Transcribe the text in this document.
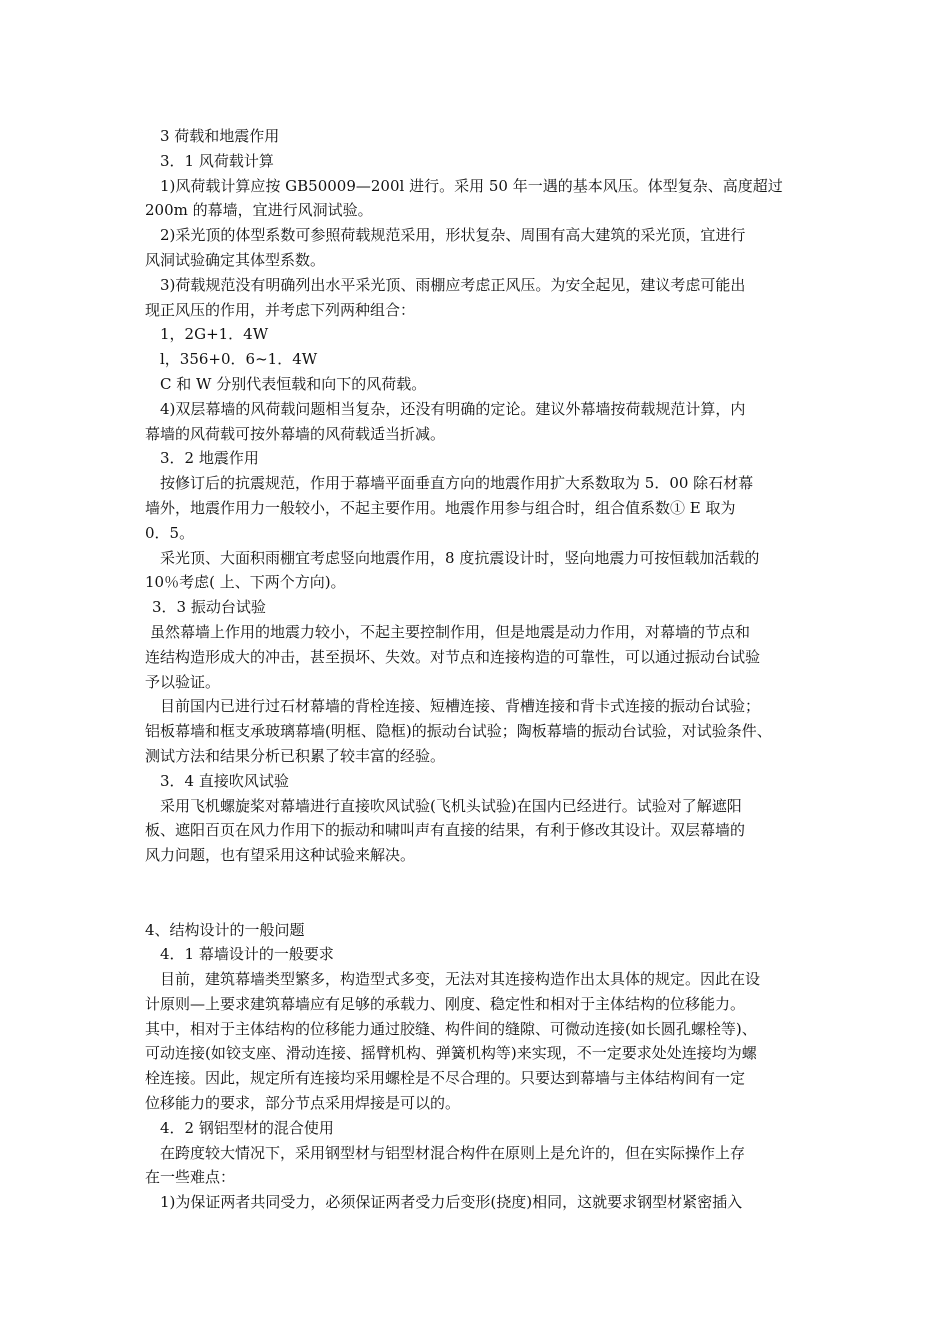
3 荷载和地震作用

3．1 风荷载计算

1)风荷载计算应按 GB50009—200l 进行。采用 50 年一遇的基本风压。体型复杂、高度超过

200m 的幕墙，宜进行风洞试验。

2)采光顶的体型系数可参照荷载规范采用，形状复杂、周围有高大建筑的采光顶，宜进行

风洞试验确定其体型系数。

3)荷载规范没有明确列出水平采光顶、雨棚应考虑正风压。为安全起见，建议考虑可能出

现正风压的作用，并考虑下列两种组合：

1，2G+1．4W

l，356+0．6~1．4W

C 和 W 分别代表恒载和向下的风荷载。

4)双层幕墙的风荷载问题相当复杂，还没有明确的定论。建议外幕墙按荷载规范计算，内

幕墙的风荷载可按外幕墙的风荷载适当折减。

3．2 地震作用

按修订后的抗震规范，作用于幕墙平面垂直方向的地震作用扩大系数取为 5．00 除石材幕

墙外，地震作用力一般较小，不起主要作用。地震作用参与组合时，组合值系数① E 取为

0．5。

采光顶、大面积雨棚宜考虑竖向地震作用，8 度抗震设计时，竖向地震力可按恒载加活载的

10％考虑( 上、下两个方向)。

3．3 振动台试验

虽然幕墙上作用的地震力较小，不起主要控制作用，但是地震是动力作用，对幕墙的节点和

连结构造形成大的冲击，甚至损坏、失效。对节点和连接构造的可靠性，可以通过振动台试验

予以验证。

目前国内已进行过石材幕墙的背栓连接、短槽连接、背槽连接和背卡式连接的振动台试验；

铝板幕墙和框支承玻璃幕墙(明框、隐框)的振动台试验；陶板幕墙的振动台试验，对试验条件、

测试方法和结果分析已积累了较丰富的经验。

3．4 直接吹风试验

采用飞机螺旋桨对幕墙进行直接吹风试验(飞机头试验)在国内已经进行。试验对了解遮阳

板、遮阳百页在风力作用下的振动和啸叫声有直接的结果，有利于修改其设计。双层幕墙的

风力问题，也有望采用这种试验来解决。

4、结构设计的一般问题

4．1 幕墙设计的一般要求

目前，建筑幕墙类型繁多，构造型式多变，无法对其连接构造作出太具体的规定。因此在设

计原则—上要求建筑幕墙应有足够的承载力、刚度、稳定性和相对于主体结构的位移能力。

其中，相对于主体结构的位移能力通过胶缝、构件间的缝隙、可微动连接(如长圆孔螺栓等)、

可动连接(如铰支座、滑动连接、摇臂机构、弹簧机构等)来实现，不一定要求处处连接均为螺

栓连接。因此，规定所有连接均采用螺栓是不尽合理的。只要达到幕墙与主体结构间有一定

位移能力的要求，部分节点采用焊接是可以的。

4．2 钢铝型材的混合使用

在跨度较大情况下，采用钢型材与铝型材混合构件在原则上是允许的，但在实际操作上存

在一些难点：

1)为保证两者共同受力，必须保证两者受力后变形(挠度)相同，这就要求钢型材紧密插入
